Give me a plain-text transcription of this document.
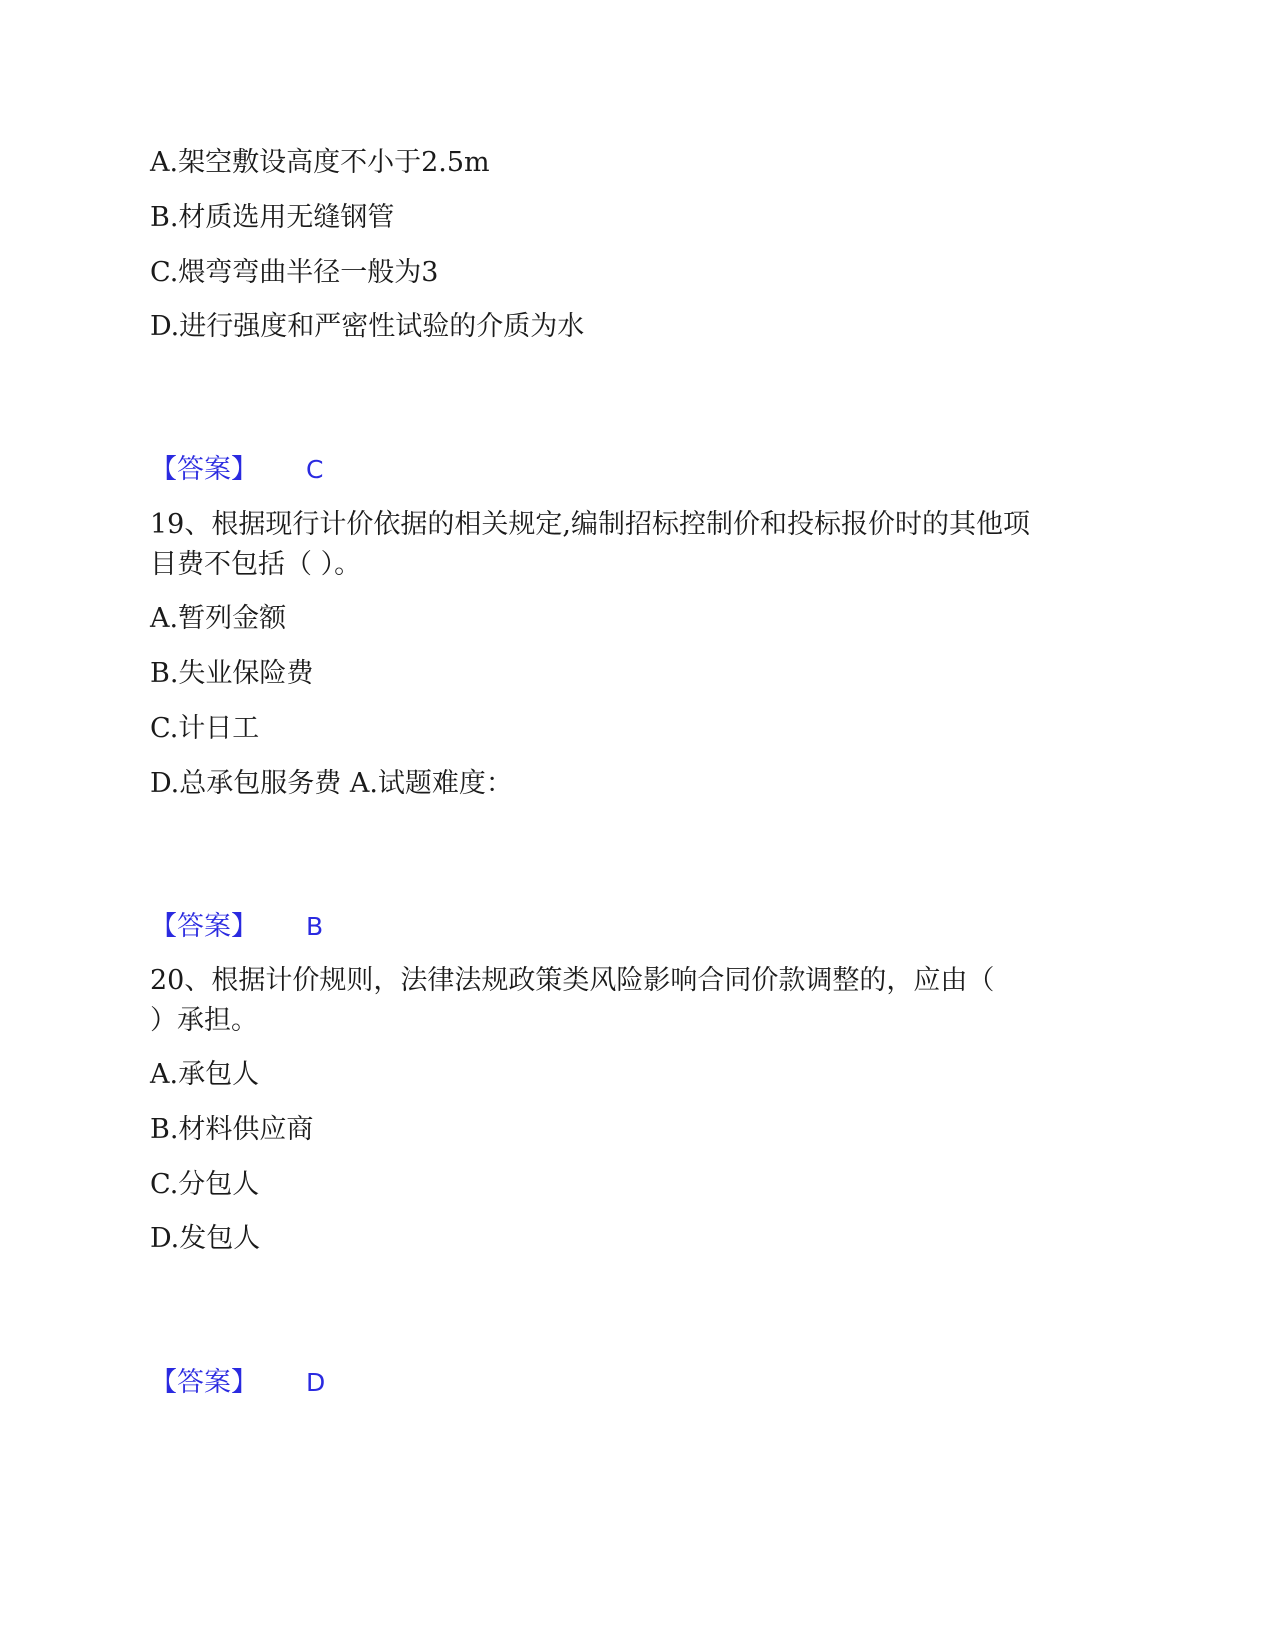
A.架空敷设高度不小于2.5m

B.材质选用无缝钢管

C.煨弯弯曲半径一般为3

D.进行强度和严密性试验的介质为水

【答案】 C

19、根据现行计价依据的相关规定,编制招标控制价和投标报价时的其他项

目费不包括（ ）。

A.暂列金额

B.失业保险费

C.计日工

D.总承包服务费 A.试题难度：

【答案】 B

20、根据计价规则，法律法规政策类风险影响合同价款调整的，应由（

）承担。

A.承包人

B.材料供应商

C.分包人

D.发包人

【答案】 D
